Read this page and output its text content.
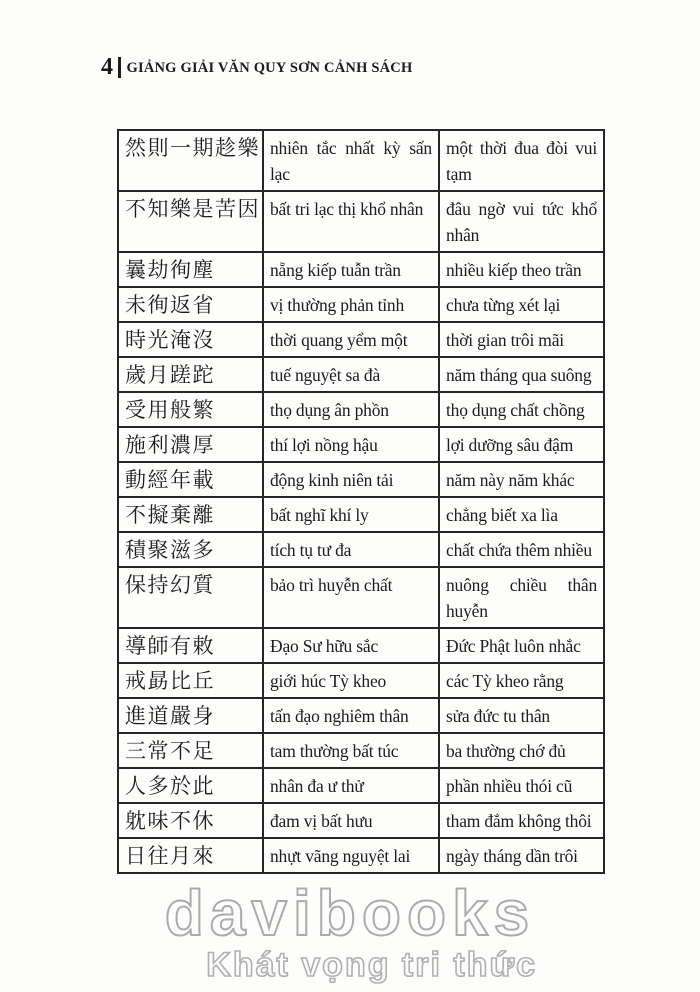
4 GIẢNG GIẢI VĂN QUY SƠN CẢNH SÁCH
然則一期趁樂	nhiên tắc nhất kỳ sấn lạc	một thời đua đòi vui tạm
不知樂是苦因	bất tri lạc thị khổ nhân	đâu ngờ vui tức khổ nhân
曩劫徇塵	nẵng kiếp tuẫn trần	nhiều kiếp theo trần
未徇返省	vị thường phản tỉnh	chưa từng xét lại
時光淹沒	thời quang yểm một	thời gian trôi mãi
歲月蹉跎	tuế nguyệt sa đà	năm tháng qua suông
受用般繁	thọ dụng ân phồn	thọ dụng chất chồng
施利濃厚	thí lợi nồng hậu	lợi dưỡng sâu đậm
動經年載	động kinh niên tải	năm này năm khác
不擬棄離	bất nghĩ khí ly	chẳng biết xa lìa
積聚滋多	tích tụ tư đa	chất chứa thêm nhiều
保持幻質	bảo trì huyễn chất	nuông chiều thân huyễn
導師有敕	Đạo Sư hữu sắc	Đức Phật luôn nhắc
戒勗比丘	giới húc Tỳ kheo	các Tỳ kheo rằng
進道嚴身	tấn đạo nghiêm thân	sửa đức tu thân
三常不足	tam thường bất túc	ba thường chớ đủ
人多於此	nhân đa ư thử	phần nhiều thói cũ
躭味不休	đam vị bất hưu	tham đắm không thôi
日往月來	nhựt vãng nguyệt lai	ngày tháng dần trôi
davibooks
Khát vọng tri thức
